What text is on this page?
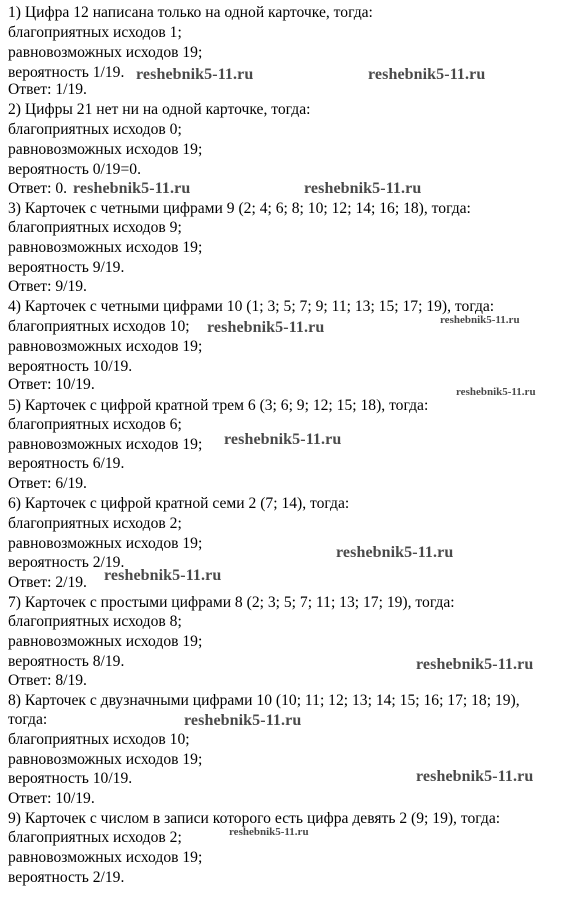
1) Цифра 12 написана только на одной карточке, тогда:
благоприятных исходов 1;
равновозможных исходов 19;
вероятность 1/19.
Ответ: 1/19.
2) Цифры 21 нет ни на одной карточке, тогда:
благоприятных исходов 0;
равновозможных исходов 19;
вероятность 0/19=0.
Ответ: 0.
3) Карточек с четными цифрами 9 (2; 4; 6; 8; 10; 12; 14; 16; 18), тогда:
благоприятных исходов 9;
равновозможных исходов 19;
вероятность 9/19.
Ответ: 9/19.
4) Карточек с четными цифрами 10 (1; 3; 5; 7; 9; 11; 13; 15; 17; 19), тогда:
благоприятных исходов 10;
равновозможных исходов 19;
вероятность 10/19.
Ответ: 10/19.
5) Карточек с цифрой кратной трем 6 (3; 6; 9; 12; 15; 18), тогда:
благоприятных исходов 6;
равновозможных исходов 19;
вероятность 6/19.
Ответ: 6/19.
6) Карточек с цифрой кратной семи 2 (7; 14), тогда:
благоприятных исходов 2;
равновозможных исходов 19;
вероятность 2/19.
Ответ: 2/19.
7) Карточек с простыми цифрами 8 (2; 3; 5; 7; 11; 13; 17; 19), тогда:
благоприятных исходов 8;
равновозможных исходов 19;
вероятность 8/19.
Ответ: 8/19.
8) Карточек с двузначными цифрами 10 (10; 11; 12; 13; 14; 15; 16; 17; 18; 19),
тогда:
благоприятных исходов 10;
равновозможных исходов 19;
вероятность 10/19.
Ответ: 10/19.
9) Карточек с числом в записи которого есть цифра девять 2 (9; 19), тогда:
благоприятных исходов 2;
равновозможных исходов 19;
вероятность 2/19.
reshebnik5-11.ru	reshebnik5-11.ru
reshebnik5-11.ru	reshebnik5-11.ru
reshebnik5-11.ru	reshebnik5-11.ru
reshebnik5-11.ru
reshebnik5-11.ru
reshebnik5-11.ru
reshebnik5-11.ru
reshebnik5-11.ru
reshebnik5-11.ru
reshebnik5-11.ru
reshebnik5-11.ru
